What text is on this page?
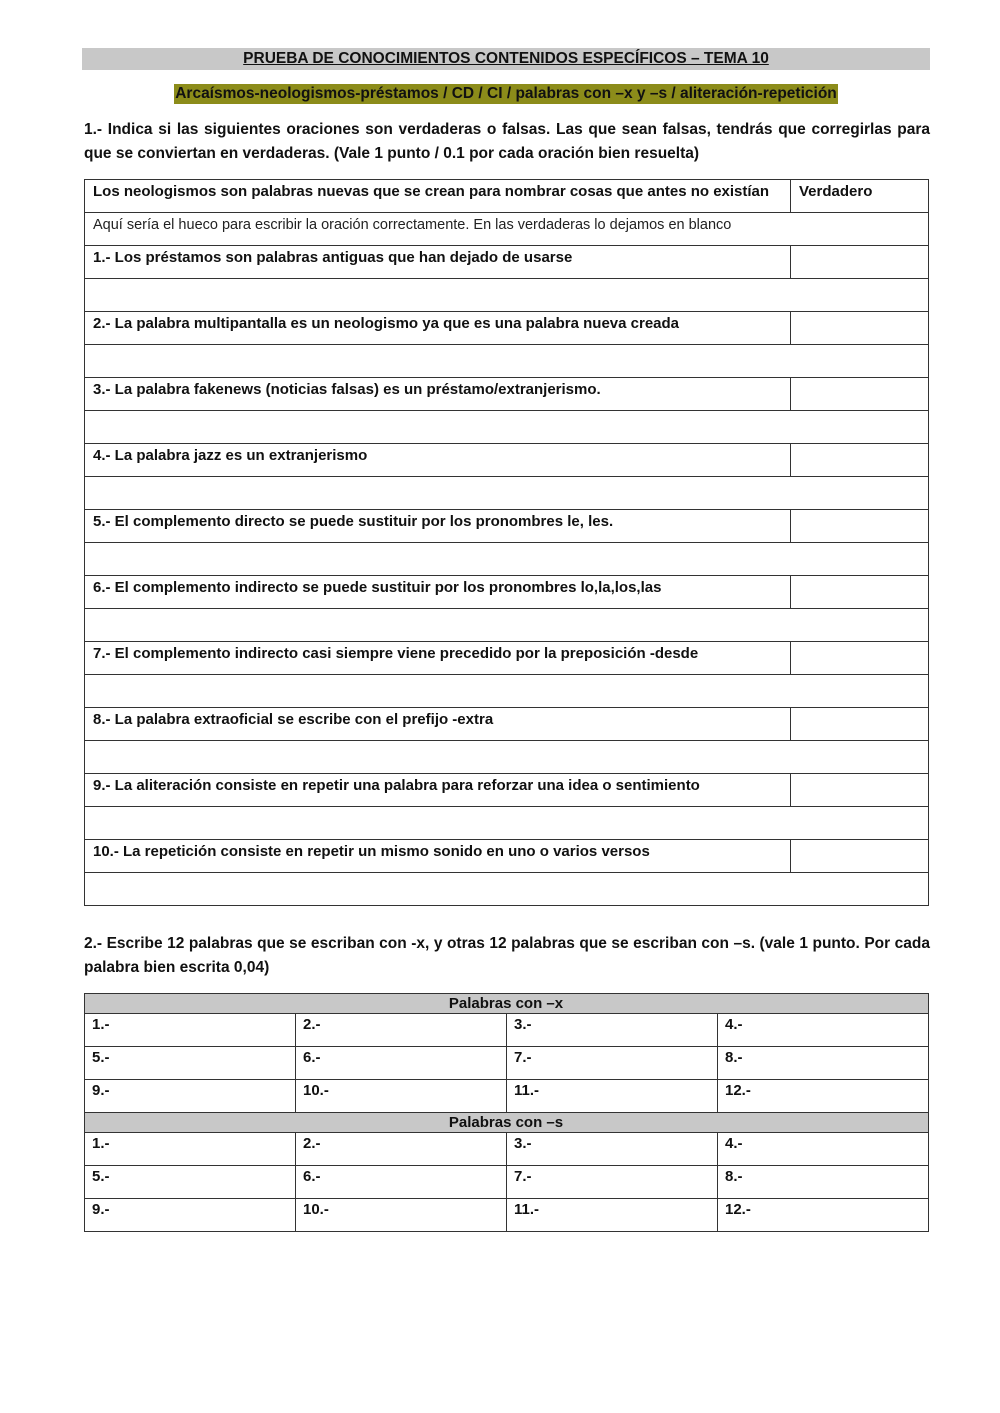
PRUEBA DE CONOCIMIENTOS CONTENIDOS ESPECÍFICOS – TEMA 10
Arcaísmos-neologismos-préstamos / CD / CI / palabras con –x y –s / aliteración-repetición
1.- Indica si las siguientes oraciones son verdaderas o falsas. Las que sean falsas, tendrás que corregirlas para que se conviertan en verdaderas. (Vale 1 punto / 0.1 por cada oración bien resuelta)
Los neologismos son palabras nuevas que se crean para nombrar cosas que antes no existían	Verdadero
Aquí sería el hueco para escribir la oración correctamente. En las verdaderas lo dejamos en blanco	
1.- Los préstamos son palabras antiguas que han dejado de usarse	

2.- La palabra multipantalla es un neologismo ya que es una palabra nueva creada	

3.- La palabra fakenews (noticias falsas) es un préstamo/extranjerismo.	

4.- La palabra jazz es un extranjerismo	

5.- El complemento directo se puede sustituir por los pronombres le, les.	

6.- El complemento indirecto se puede sustituir por los pronombres lo,la,los,las	

7.- El complemento indirecto casi siempre viene precedido por la preposición -desde	

8.- La palabra extraoficial se escribe con el prefijo -extra	

9.- La aliteración consiste en repetir una palabra para reforzar una idea o sentimiento	

10.- La repetición consiste en repetir un mismo sonido en uno o varios versos	

2.- Escribe 12 palabras que se escriban con -x, y otras 12 palabras que se escriban con –s. (vale 1 punto. Por cada palabra bien escrita 0,04)
Palabras con –x			
1.-	2.-	3.-	4.-
5.-	6.-	7.-	8.-
9.-	10.-	11.-	12.-
Palabras con –s			
1.-	2.-	3.-	4.-
5.-	6.-	7.-	8.-
9.-	10.-	11.-	12.-
